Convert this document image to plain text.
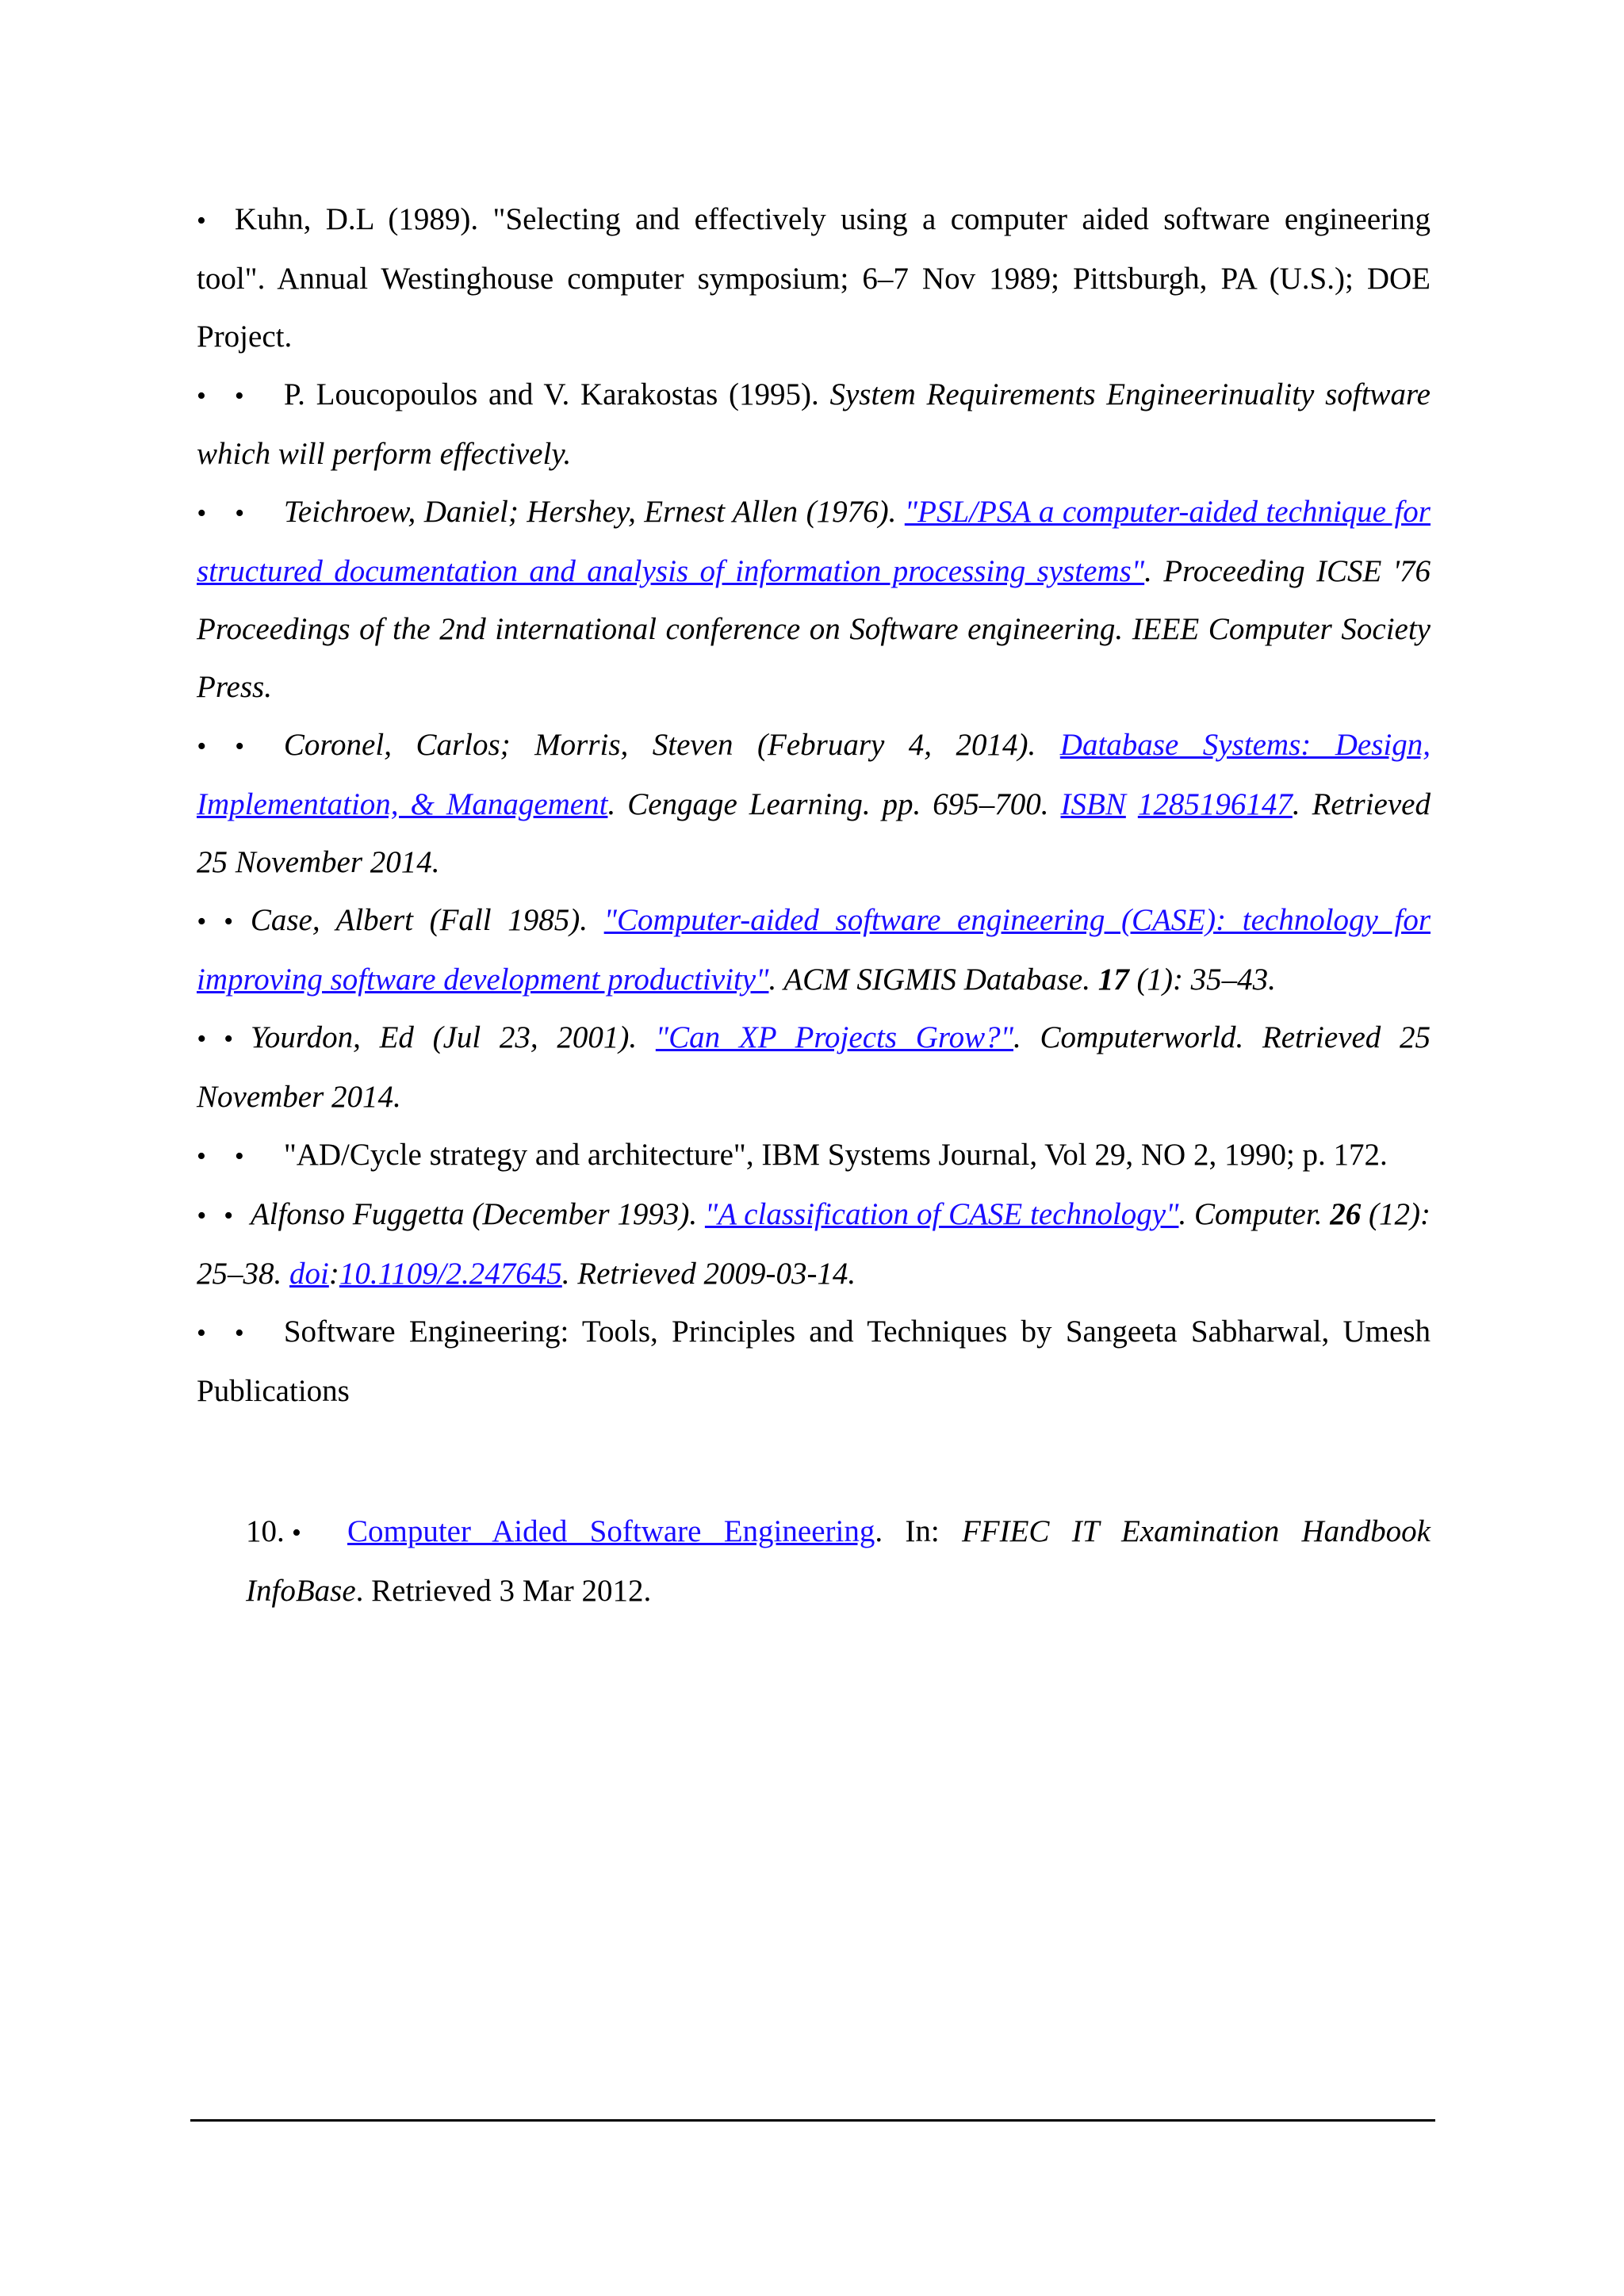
• Kuhn, D.L (1989). "Selecting and effectively using a computer aided software engineering tool". Annual Westinghouse computer symposium; 6–7 Nov 1989; Pittsburgh, PA (U.S.); DOE Project.

• • P. Loucopoulos and V. Karakostas (1995). System Requirements Engineerinuality software which will perform effectively.

• • Teichroew, Daniel; Hershey, Ernest Allen (1976). "PSL/PSA a computer-aided technique for structured documentation and analysis of information processing systems". Proceeding ICSE '76 Proceedings of the 2nd international conference on Software engineering. IEEE Computer Society Press.

• • Coronel, Carlos; Morris, Steven (February 4, 2014). Database Systems: Design, Implementation, & Management. Cengage Learning. pp. 695–700. ISBN 1285196147. Retrieved 25 November 2014.

• • Case, Albert (Fall 1985). "Computer-aided software engineering (CASE): technology for improving software development productivity". ACM SIGMIS Database. 17 (1): 35–43.

• • Yourdon, Ed (Jul 23, 2001). "Can XP Projects Grow?". Computerworld. Retrieved 25 November 2014.

• • "AD/Cycle strategy and architecture", IBM Systems Journal, Vol 29, NO 2, 1990; p. 172.

• • Alfonso Fuggetta (December 1993). "A classification of CASE technology". Computer. 26 (12): 25–38. doi:10.1109/2.247645. Retrieved 2009-03-14.

• • Software Engineering: Tools, Principles and Techniques by Sangeeta Sabharwal, Umesh Publications

10. • Computer Aided Software Engineering. In: FFIEC IT Examination Handbook InfoBase. Retrieved 3 Mar 2012.
